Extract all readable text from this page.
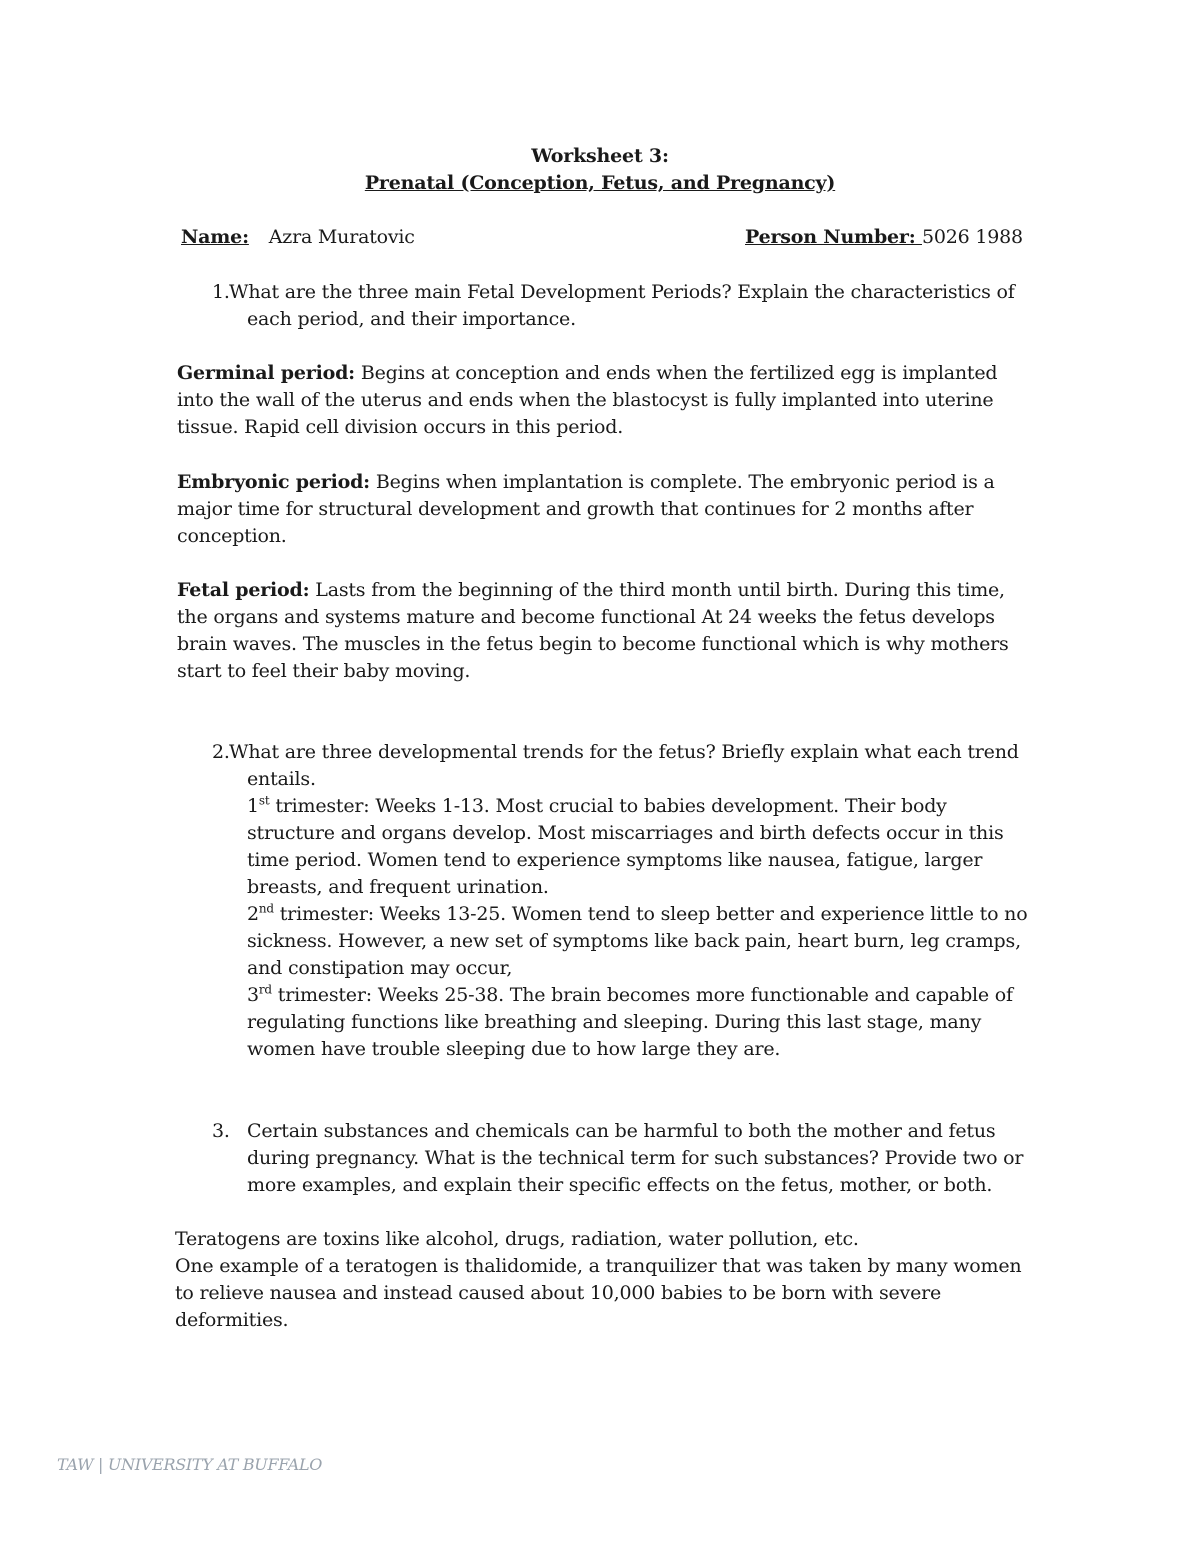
Worksheet 3:
Prenatal (Conception, Fetus, and Pregnancy)
Name: Azra Muratovic	Person Number: 5026 1988
1. What are the three main Fetal Development Periods? Explain the characteristics of
each period, and their importance.
Germinal period: Begins at conception and ends when the fertilized egg is implanted
into the wall of the uterus and ends when the blastocyst is fully implanted into uterine
tissue. Rapid cell division occurs in this period.
Embryonic period: Begins when implantation is complete. The embryonic period is a
major time for structural development and growth that continues for 2 months after
conception.
Fetal period: Lasts from the beginning of the third month until birth. During this time,
the organs and systems mature and become functional At 24 weeks the fetus develops
brain waves. The muscles in the fetus begin to become functional which is why mothers
start to feel their baby moving.
2. What are three developmental trends for the fetus? Briefly explain what each trend
entails.
1st trimester: Weeks 1-13. Most crucial to babies development. Their body
structure and organs develop. Most miscarriages and birth defects occur in this
time period. Women tend to experience symptoms like nausea, fatigue, larger
breasts, and frequent urination.
2nd trimester: Weeks 13-25. Women tend to sleep better and experience little to no
sickness. However, a new set of symptoms like back pain, heart burn, leg cramps,
and constipation may occur,
3rd trimester: Weeks 25-38. The brain becomes more functionable and capable of
regulating functions like breathing and sleeping. During this last stage, many
women have trouble sleeping due to how large they are.
3. Certain substances and chemicals can be harmful to both the mother and fetus
during pregnancy. What is the technical term for such substances? Provide two or
more examples, and explain their specific effects on the fetus, mother, or both.
Teratogens are toxins like alcohol, drugs, radiation, water pollution, etc.
One example of a teratogen is thalidomide, a tranquilizer that was taken by many women
to relieve nausea and instead caused about 10,000 babies to be born with severe
deformities.
TAW | UNIVERSITY AT BUFFALO
